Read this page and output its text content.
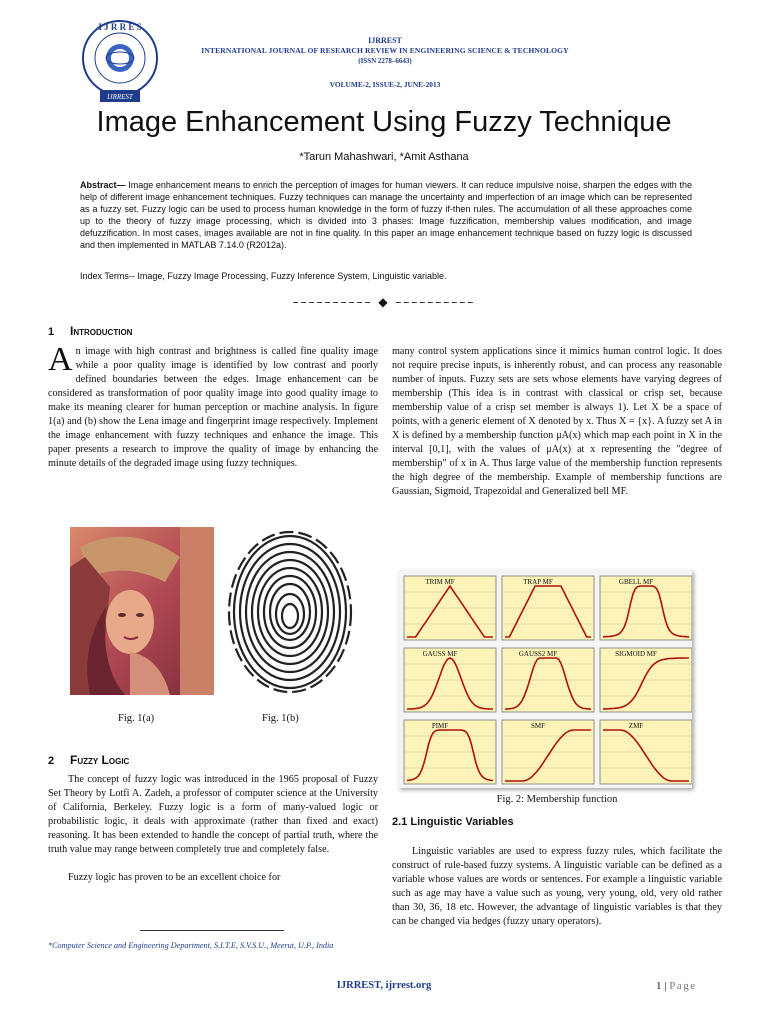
I J R R E S
IJRREST
IJRREST
INTERNATIONAL JOURNAL OF RESEARCH REVIEW IN ENGINEERING SCIENCE & TECHNOLOGY
(ISSN 2278–6643)
VOLUME-2, ISSUE-2, JUNE-2013
Image Enhancement Using Fuzzy Technique
*Tarun Mahashwari, *Amit Asthana
Abstract— Image enhancement means to enrich the perception of images for human viewers. It can reduce impulsive noise, sharpen the edges with the help of different image enhancement techniques. Fuzzy techniques can manage the uncertainty and imperfection of an image which can be represented as a fuzzy set. Fuzzy logic can be used to process human knowledge in the form of fuzzy if-then rules. The accumulation of all these approaches come up to the theory of fuzzy image processing, which is divided into 3 phases: Image fuzzification, membership values modification, and image defuzzification. In most cases, images available are not in fine quality. In this paper an image enhancement technique based on fuzzy logic is discussed and then implemented in MATLAB 7.14.0 (R2012a).
Index Terms-- Image, Fuzzy Image Processing, Fuzzy Inference System, Linguistic variable.
–––––––––– ◆ ––––––––––
1 Introduction
An image with high contrast and brightness is called fine quality image while a poor quality image is identified by low contrast and poorly defined boundaries between the edges. Image enhancement can be considered as transformation of poor quality image into good quality image to make its meaning clearer for human perception or machine analysis. In figure 1(a) and (b) show the Lena image and fingerprint image respectively. Implement the image enhancement with fuzzy techniques and enhance the image. This paper presents a research to improve the quality of image by enhancing the minute details of the degraded image using fuzzy techniques.
many control system applications since it mimics human control logic. It does not require precise inputs, is inherently robust, and can process any reasonable number of inputs. Fuzzy sets are sets whose elements have varying degrees of membership (This idea is in contrast with classical or crisp set, because membership value of a crisp set member is always 1). Let X be a space of points, with a generic element of X denoted by x. Thus X = {x}. A fuzzy set A in X is defined by a membership function μA(x) which map each point in X in the interval [0,1], with the values of μA(x) at x representing the "degree of membership" of x in A. Thus large value of the membership function represents the high degree of the membership. Example of membership functions are Gaussian, Sigmoid, Trapezoidal and Generalized bell MF.
Fig. 1(a)	Fig. 1(b)
TRIM MF	TRAP MF	GBELL MF
GAUSS MF	GAUSS2 MF	SIGMOID MF
PIMF	SMF	ZMF
Fig. 2: Membership function
2 Fuzzy Logic

The concept of fuzzy logic was introduced in the 1965 proposal of Fuzzy Set Theory by Lotfi A. Zadeh, a professor of computer science at the University of California, Berkeley. Fuzzy logic is a form of many-valued logic or probabilistic logic, it deals with approximate (rather than fixed and exact) reasoning. It has been extended to handle the concept of partial truth, where the truth value may range between completely true and completely false.

Fuzzy logic has proven to be an excellent choice for

2.1 Linguistic Variables
Linguistic variables are used to express fuzzy rules, which facilitate the construct of rule-based fuzzy systems. A linguistic variable can be defined as a variable whose values are words or sentences. For example a linguistic variable such as age may have a value such as young, very young, old, very old rather than 30, 36, 18 etc. However, the advantage of linguistic variables is that they can be changed via hedges (fuzzy unary operators).
*Computer Science and Engineering Department, S.I.T.E, S.V.S.U., Meerut, U.P., India
IJRREST, ijrrest.org	1 | Page
